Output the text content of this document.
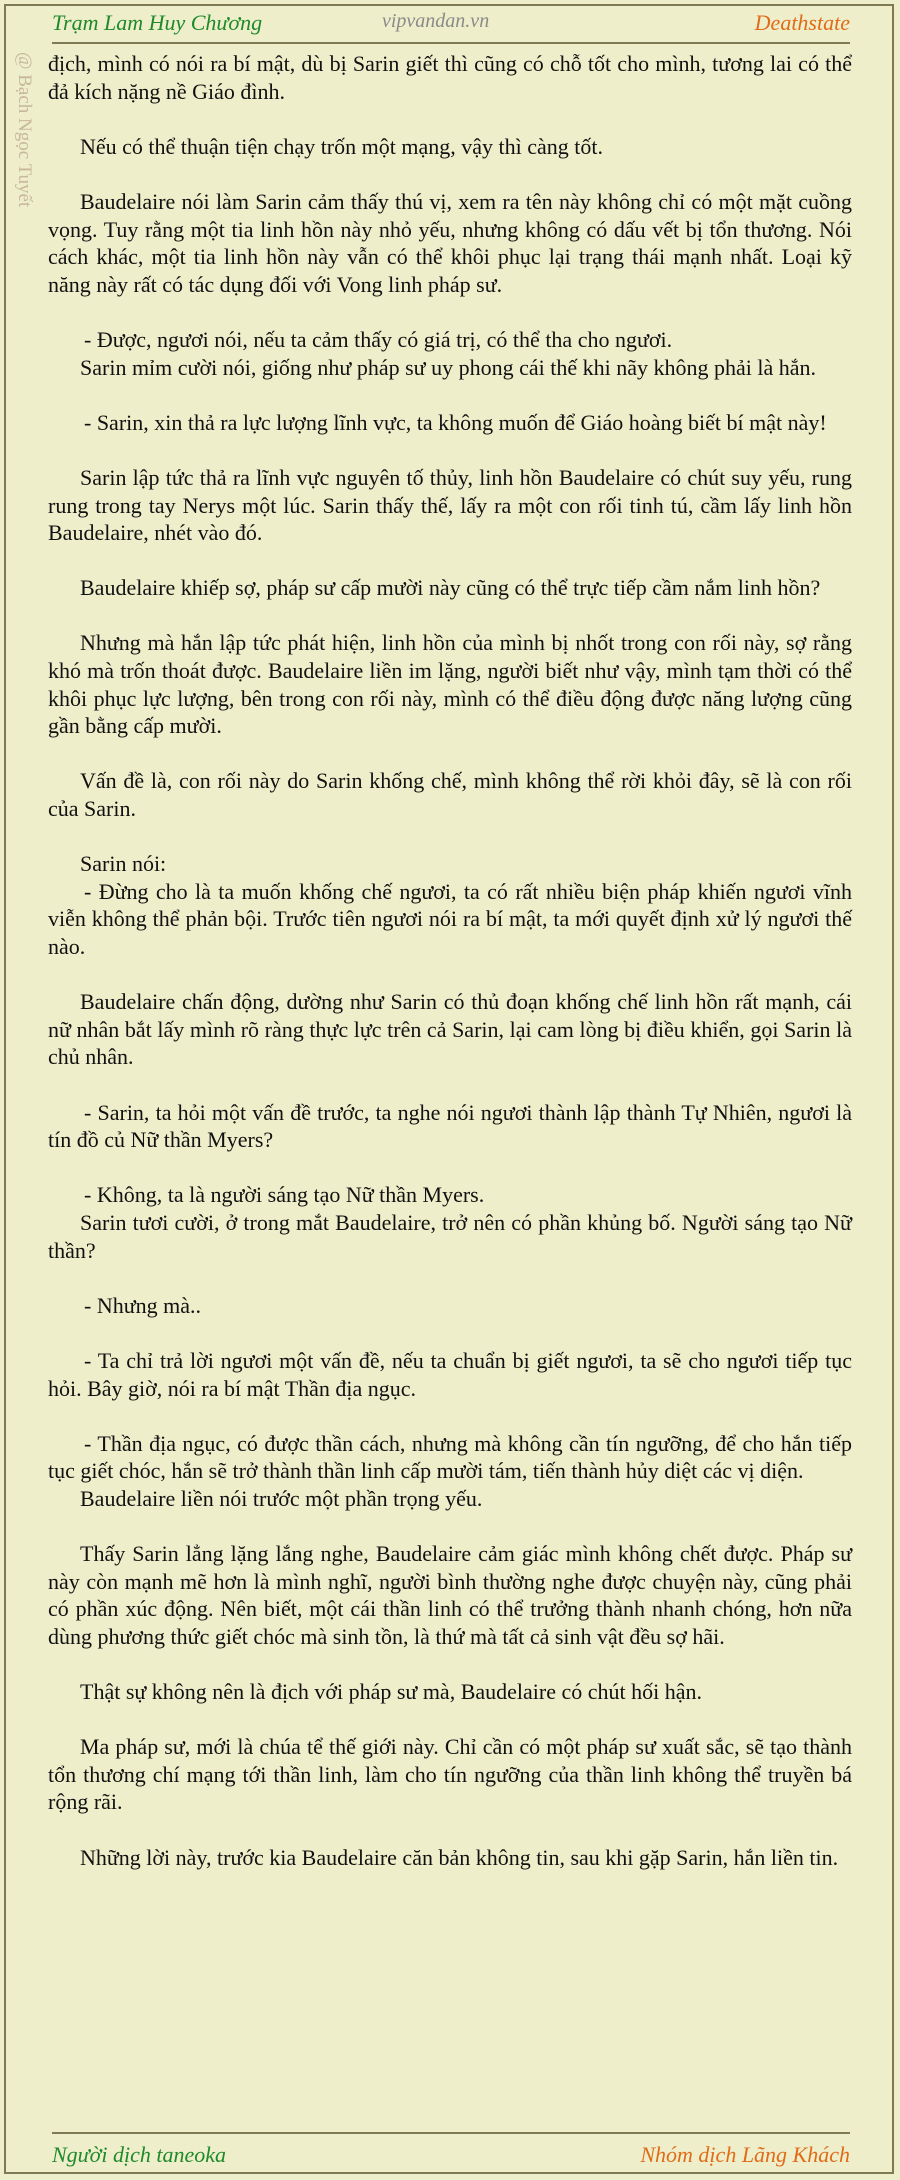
Trạm Lam Huy Chương	vipvandan.vn	Deathstate
@ Bạch Ngọc Tuyết địch, mình có nói ra bí mật, dù bị Sarin giết thì cũng có chỗ tốt cho mình, tương lai có thể đả kích nặng nề Giáo đình.

Nếu có thể thuận tiện chạy trốn một mạng, vậy thì càng tốt.

Baudelaire nói làm Sarin cảm thấy thú vị, xem ra tên này không chỉ có một mặt cuồng vọng. Tuy rằng một tia linh hồn này nhỏ yếu, nhưng không có dấu vết bị tổn thương. Nói cách khác, một tia linh hồn này vẫn có thể khôi phục lại trạng thái mạnh nhất. Loại kỹ năng này rất có tác dụng đối với Vong linh pháp sư.

- Được, ngươi nói, nếu ta cảm thấy có giá trị, có thể tha cho ngươi.

Sarin mỉm cười nói, giống như pháp sư uy phong cái thế khi nãy không phải là hắn.

- Sarin, xin thả ra lực lượng lĩnh vực, ta không muốn để Giáo hoàng biết bí mật này!

Sarin lập tức thả ra lĩnh vực nguyên tố thủy, linh hồn Baudelaire có chút suy yếu, rung rung trong tay Nerys một lúc. Sarin thấy thế, lấy ra một con rối tinh tú, cầm lấy linh hồn Baudelaire, nhét vào đó.

Baudelaire khiếp sợ, pháp sư cấp mười này cũng có thể trực tiếp cầm nắm linh hồn?

Nhưng mà hắn lập tức phát hiện, linh hồn của mình bị nhốt trong con rối này, sợ rằng khó mà trốn thoát được. Baudelaire liền im lặng, người biết như vậy, mình tạm thời có thể khôi phục lực lượng, bên trong con rối này, mình có thể điều động được năng lượng cũng gần bằng cấp mười.

Vấn đề là, con rối này do Sarin khống chế, mình không thể rời khỏi đây, sẽ là con rối của Sarin.

Sarin nói:

- Đừng cho là ta muốn khống chế ngươi, ta có rất nhiều biện pháp khiến ngươi vĩnh viễn không thể phản bội. Trước tiên ngươi nói ra bí mật, ta mới quyết định xử lý ngươi thế nào.

Baudelaire chấn động, dường như Sarin có thủ đoạn khống chế linh hồn rất mạnh, cái nữ nhân bắt lấy mình rõ ràng thực lực trên cả Sarin, lại cam lòng bị điều khiển, gọi Sarin là chủ nhân.

- Sarin, ta hỏi một vấn đề trước, ta nghe nói ngươi thành lập thành Tự Nhiên, ngươi là tín đồ củ Nữ thần Myers?

- Không, ta là người sáng tạo Nữ thần Myers.

Sarin tươi cười, ở trong mắt Baudelaire, trở nên có phần khủng bố. Người sáng tạo Nữ thần?

- Nhưng mà..

- Ta chỉ trả lời ngươi một vấn đề, nếu ta chuẩn bị giết ngươi, ta sẽ cho ngươi tiếp tục hỏi. Bây giờ, nói ra bí mật Thần địa ngục.

- Thần địa ngục, có được thần cách, nhưng mà không cần tín ngưỡng, để cho hắn tiếp tục giết chóc, hắn sẽ trở thành thần linh cấp mười tám, tiến thành hủy diệt các vị diện.

Baudelaire liền nói trước một phần trọng yếu.

Thấy Sarin lẳng lặng lắng nghe, Baudelaire cảm giác mình không chết được. Pháp sư này còn mạnh mẽ hơn là mình nghĩ, người bình thường nghe được chuyện này, cũng phải có phần xúc động. Nên biết, một cái thần linh có thể trưởng thành nhanh chóng, hơn nữa dùng phương thức giết chóc mà sinh tồn, là thứ mà tất cả sinh vật đều sợ hãi.

Thật sự không nên là địch với pháp sư mà, Baudelaire có chút hối hận.

Ma pháp sư, mới là chúa tể thế giới này. Chỉ cần có một pháp sư xuất sắc, sẽ tạo thành tổn thương chí mạng tới thần linh, làm cho tín ngưỡng của thần linh không thể truyền bá rộng rãi.

Những lời này, trước kia Baudelaire căn bản không tin, sau khi gặp Sarin, hắn liền tin.

Người dịch taneoka	Nhóm dịch Lãng Khách
